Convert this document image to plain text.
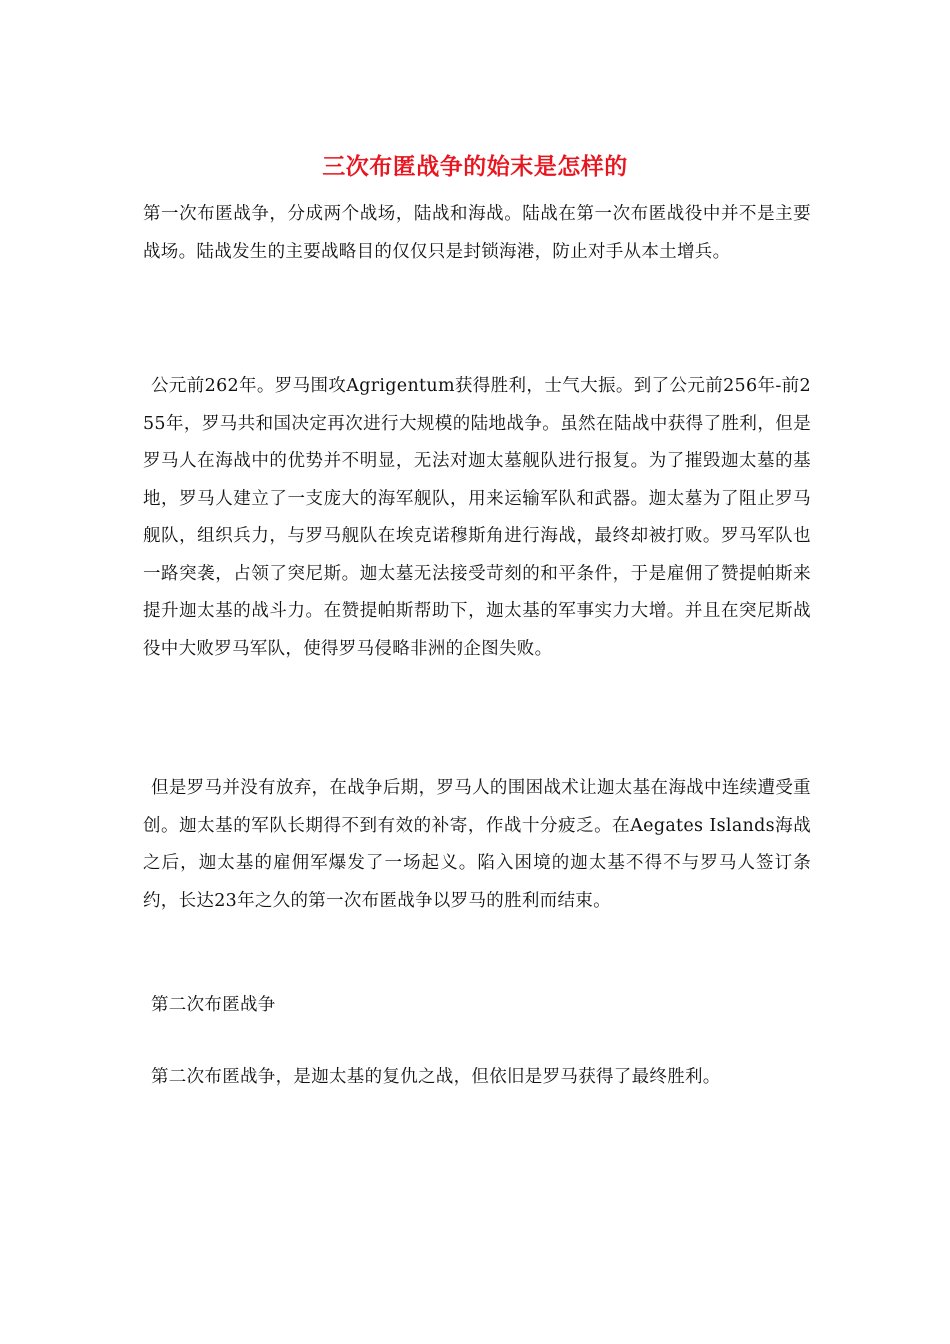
三次布匿战争的始末是怎样的

第一次布匿战争，分成两个战场，陆战和海战。陆战在第一次布匿战役中并不是主要战场。陆战发生的主要战略目的仅仅只是封锁海港，防止对手从本土增兵。

公元前262年。罗马围攻Agrigentum获得胜利，士气大振。到了公元前256年-前255年，罗马共和国决定再次进行大规模的陆地战争。虽然在陆战中获得了胜利，但是罗马人在海战中的优势并不明显，无法对迦太墓舰队进行报复。为了摧毁迦太墓的基地，罗马人建立了一支庞大的海军舰队，用来运输军队和武器。迦太墓为了阻止罗马舰队，组织兵力，与罗马舰队在埃克诺穆斯角进行海战，最终却被打败。罗马军队也一路突袭，占领了突尼斯。迦太墓无法接受苛刻的和平条件，于是雇佣了赞提帕斯来提升迦太基的战斗力。在赞提帕斯帮助下，迦太基的军事实力大增。并且在突尼斯战役中大败罗马军队，使得罗马侵略非洲的企图失败。

但是罗马并没有放弃，在战争后期，罗马人的围困战术让迦太基在海战中连续遭受重创。迦太基的军队长期得不到有效的补寄，作战十分疲乏。在Aegates Islands海战之后，迦太基的雇佣军爆发了一场起义。陷入困境的迦太基不得不与罗马人签订条约，长达23年之久的第一次布匿战争以罗马的胜利而结束。

第二次布匿战争

第二次布匿战争，是迦太基的复仇之战，但依旧是罗马获得了最终胜利。
